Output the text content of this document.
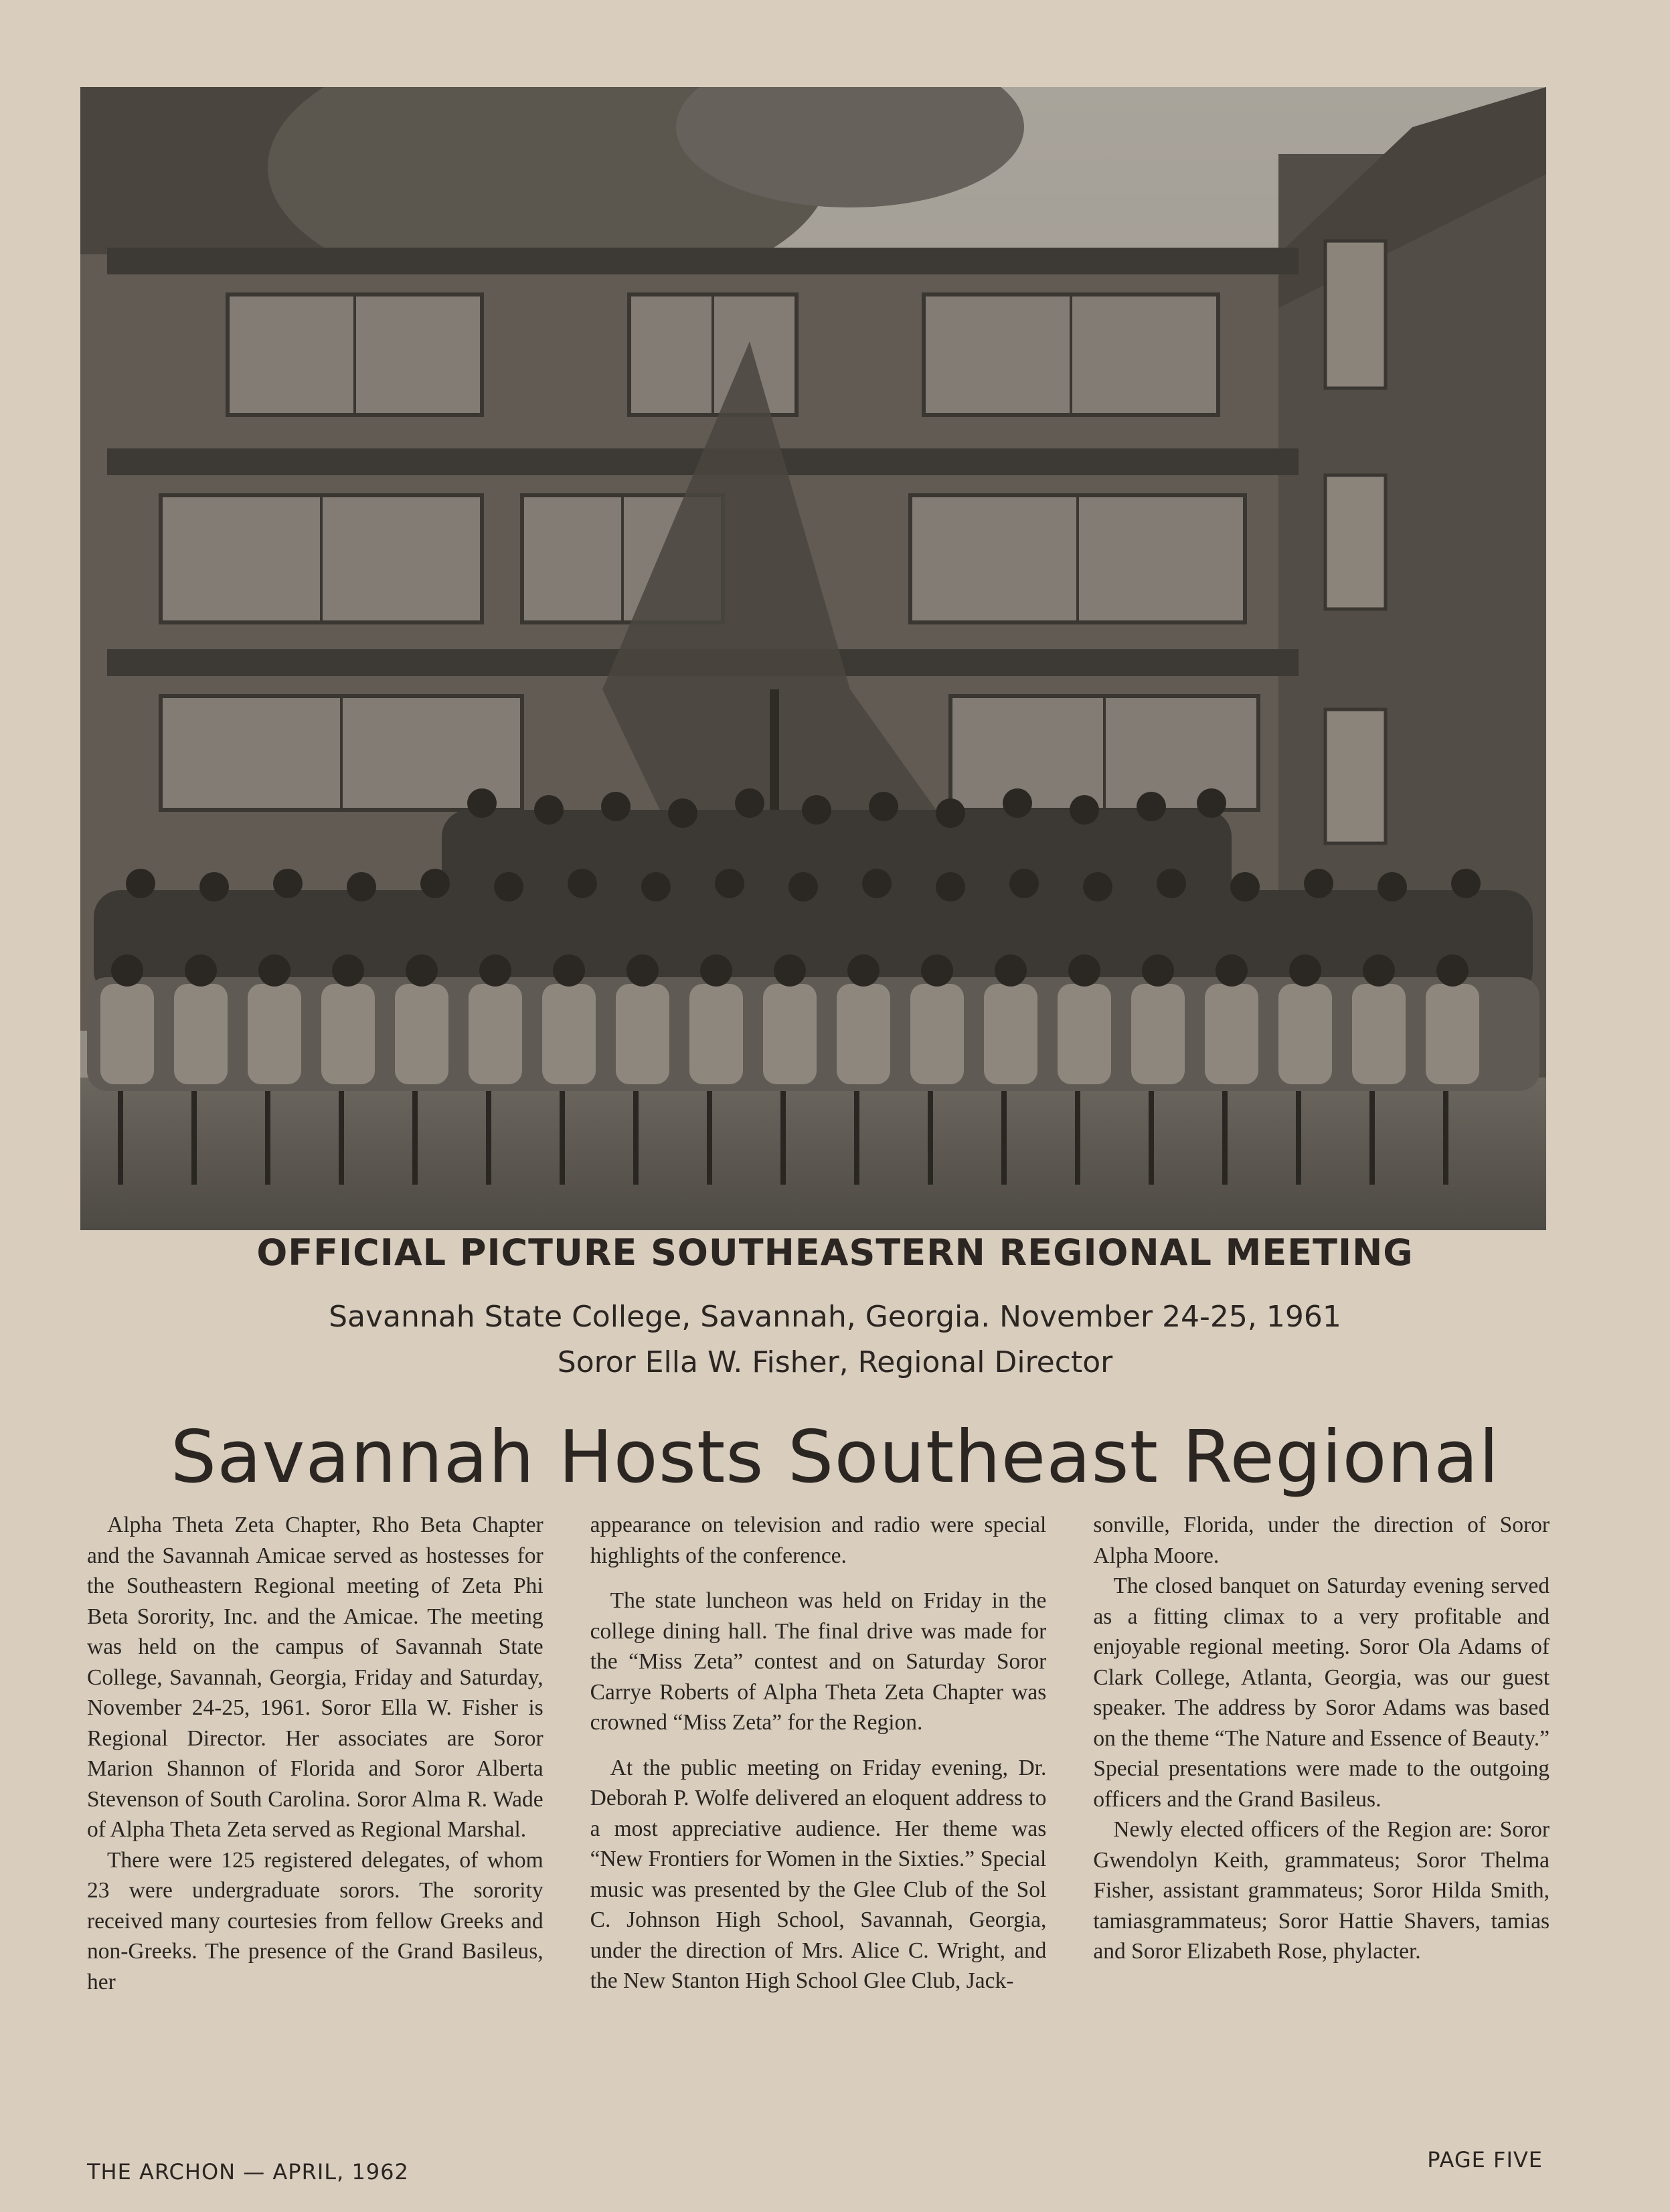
OFFICIAL PICTURE SOUTHEASTERN REGIONAL MEETING
Savannah State College, Savannah, Georgia. November 24-25, 1961
Soror Ella W. Fisher, Regional Director
Savannah Hosts Southeast Regional

Alpha Theta Zeta Chapter, Rho Beta Chapter and the Savannah Amicae served as hostesses for the Southeastern Regional meeting of Zeta Phi Beta Sorority, Inc. and the Amicae. The meeting was held on the campus of Savannah State College, Savannah, Georgia, Friday and Saturday, November 24-25, 1961. Soror Ella W. Fisher is Regional Director. Her associates are Soror Marion Shannon of Florida and Soror Alberta Stevenson of South Carolina. Soror Alma R. Wade of Alpha Theta Zeta served as Regional Marshal.

There were 125 registered delegates, of whom 23 were undergraduate sorors. The sorority received many courtesies from fellow Greeks and non-Greeks. The presence of the Grand Basileus, her

appearance on television and radio were special highlights of the conference.

The state luncheon was held on Friday in the college dining hall. The final drive was made for the “Miss Zeta” contest and on Saturday Soror Carrye Roberts of Alpha Theta Zeta Chapter was crowned “Miss Zeta” for the Region.

At the public meeting on Friday evening, Dr. Deborah P. Wolfe delivered an eloquent address to a most appreciative audience. Her theme was “New Frontiers for Women in the Sixties.” Special music was presented by the Glee Club of the Sol C. Johnson High School, Savannah, Georgia, under the direction of Mrs. Alice C. Wright, and the New Stanton High School Glee Club, Jack-

sonville, Florida, under the direction of Soror Alpha Moore.

The closed banquet on Saturday evening served as a fitting climax to a very profitable and enjoyable regional meeting. Soror Ola Adams of Clark College, Atlanta, Georgia, was our guest speaker. The address by Soror Adams was based on the theme “The Nature and Essence of Beauty.” Special presentations were made to the outgoing officers and the Grand Basileus.

Newly elected officers of the Region are: Soror Gwendolyn Keith, grammateus; Soror Thelma Fisher, assistant grammateus; Soror Hilda Smith, tamiasgrammateus; Soror Hattie Shavers, tamias and Soror Elizabeth Rose, phylacter.

THE ARCHON — APRIL, 1962	PAGE FIVE
